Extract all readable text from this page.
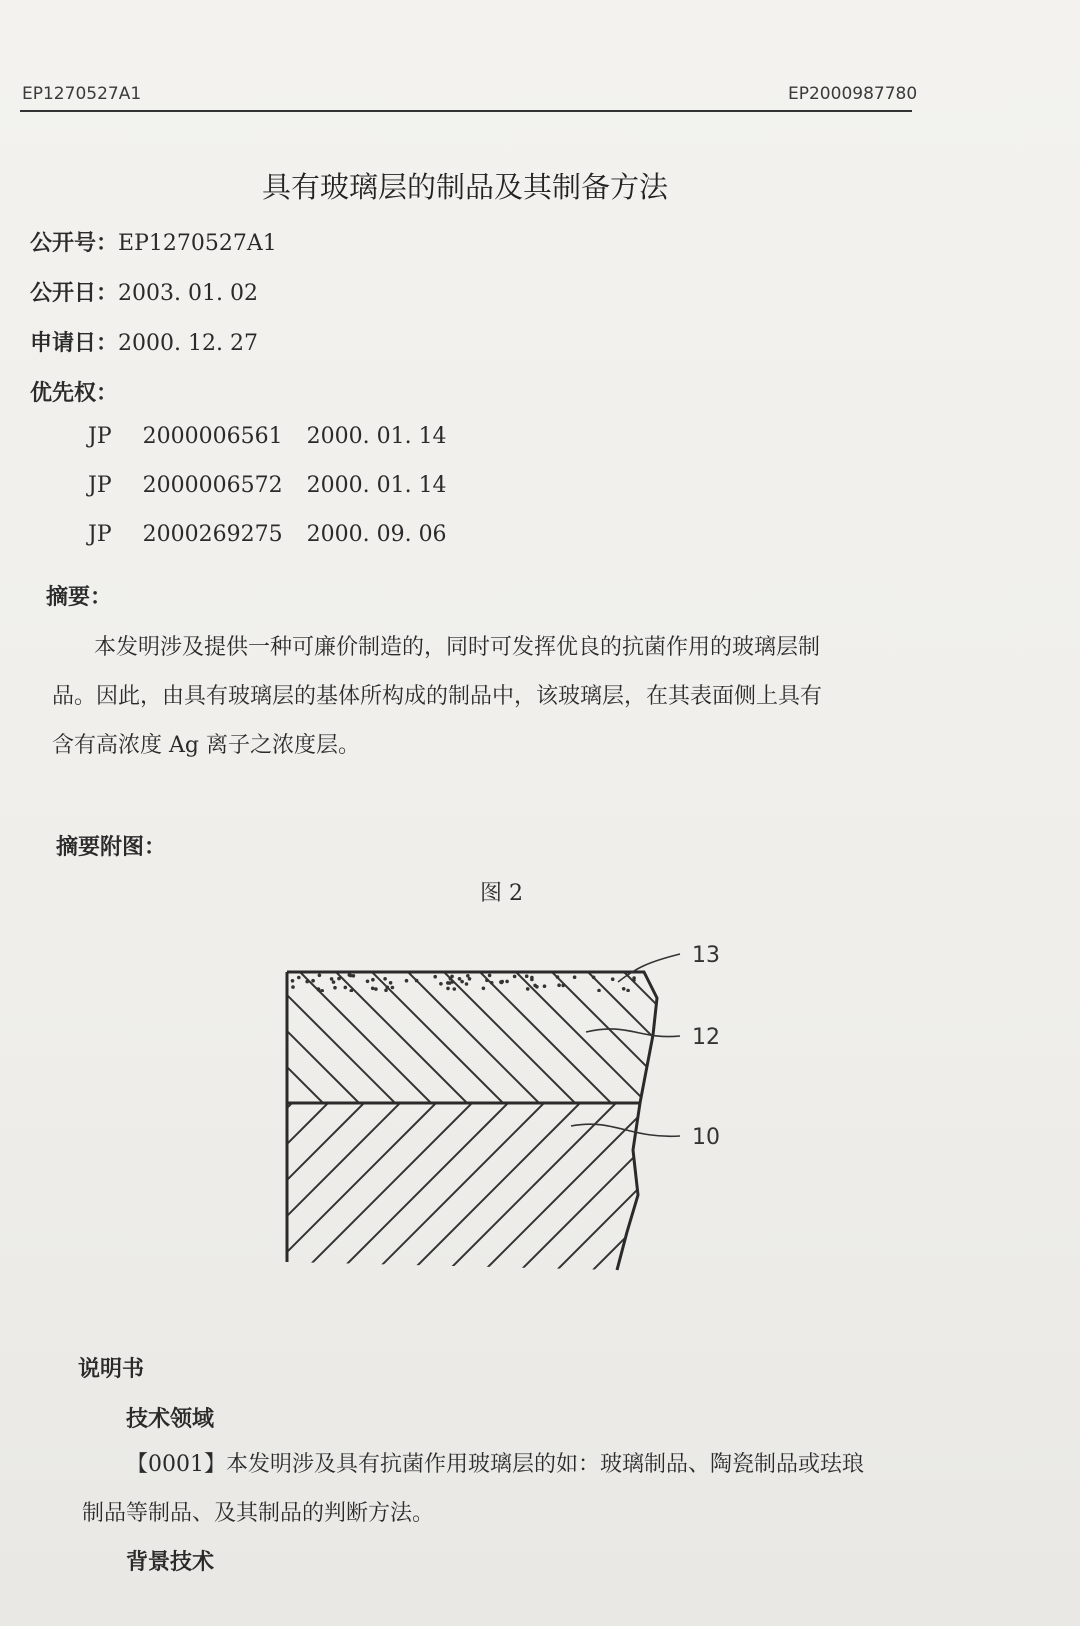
EP1270527A1	EP2000987780
具有玻璃层的制品及其制备方法
公开号：EP1270527A1
公开日：2003. 01. 02
申请日：2000. 12. 27
优先权：
JP 2000006561 2000. 01. 14
JP 2000006572 2000. 01. 14
JP 2000269275 2000. 09. 06
摘要：
本发明涉及提供一种可廉价制造的，同时可发挥优良的抗菌作用的玻璃层制
品。因此，由具有玻璃层的基体所构成的制品中，该玻璃层，在其表面侧上具有
含有高浓度 Ag 离子之浓度层。
摘要附图：
图 2
13
12
10
说明书
技术领域
【0001】本发明涉及具有抗菌作用玻璃层的如：玻璃制品、陶瓷制品或珐琅
制品等制品、及其制品的判断方法。
背景技术
